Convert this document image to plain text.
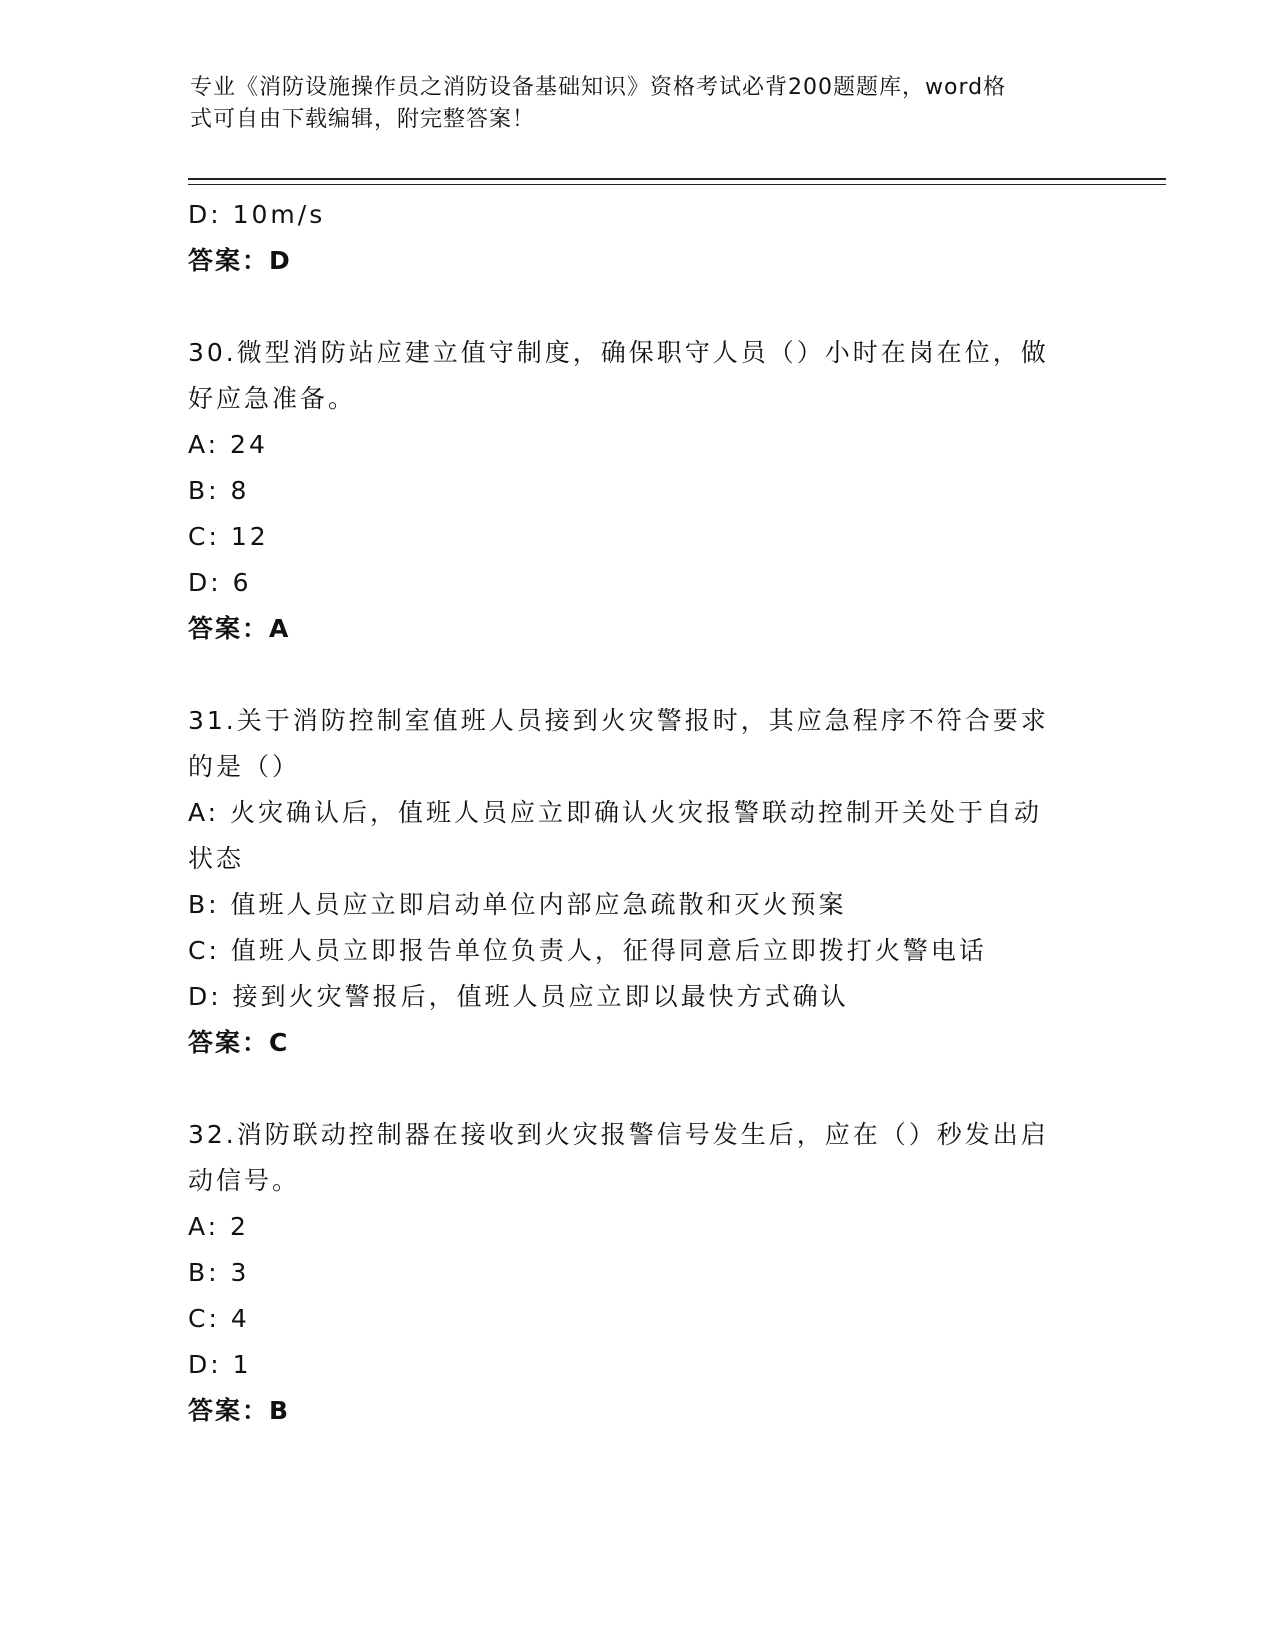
专业《消防设施操作员之消防设备基础知识》资格考试必背200题题库，word格
式可自由下载编辑，附完整答案！
D: 10m/s
答案：D
30.微型消防站应建立值守制度，确保职守人员（）小时在岗在位，做
好应急准备。
A: 24
B: 8
C: 12
D: 6
答案：A
31.关于消防控制室值班人员接到火灾警报时，其应急程序不符合要求
的是（）
A: 火灾确认后，值班人员应立即确认火灾报警联动控制开关处于自动
状态
B: 值班人员应立即启动单位内部应急疏散和灭火预案
C: 值班人员立即报告单位负责人，征得同意后立即拨打火警电话
D: 接到火灾警报后，值班人员应立即以最快方式确认
答案：C
32.消防联动控制器在接收到火灾报警信号发生后，应在（）秒发出启
动信号。
A: 2
B: 3
C: 4
D: 1
答案：B
